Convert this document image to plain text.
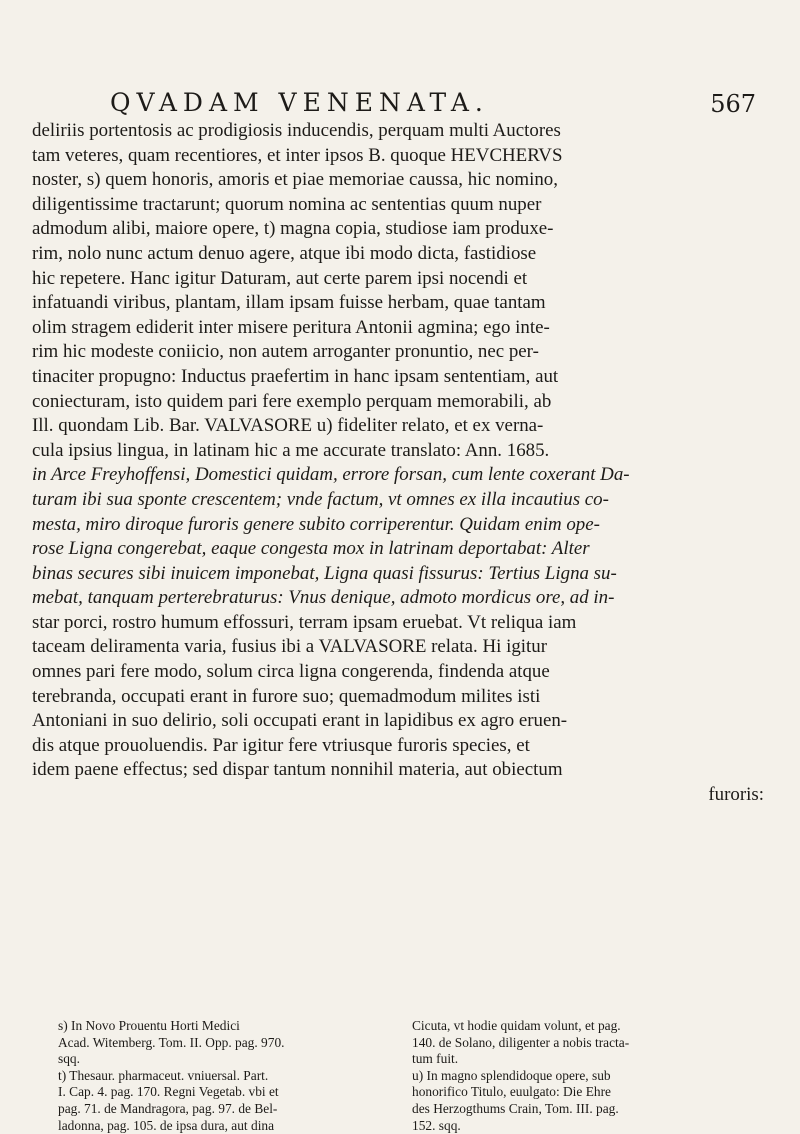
QVADAM VENENATA.	567
deliriis portentosis ac prodigiosis inducendis, perquam multi Auctores
tam veteres, quam recentiores, et inter ipsos B. quoque HEVCHERVS
noster, s) quem honoris, amoris et piae memoriae caussa, hic nomino,
diligentissime tractarunt; quorum nomina ac sententias quum nuper
admodum alibi, maiore opere, t) magna copia, studiose iam produxe-
rim, nolo nunc actum denuo agere, atque ibi modo dicta, fastidiose
hic repetere. Hanc igitur Daturam, aut certe parem ipsi nocendi et
infatuandi viribus, plantam, illam ipsam fuisse herbam, quae tantam
olim stragem ediderit inter misere peritura Antonii agmina; ego inte-
rim hic modeste coniicio, non autem arroganter pronuntio, nec per-
tinaciter propugno: Inductus praefertim in hanc ipsam sententiam, aut
coniecturam, isto quidem pari fere exemplo perquam memorabili, ab
Ill. quondam Lib. Bar. VALVASORE u) fideliter relato, et ex verna-
cula ipsius lingua, in latinam hic a me accurate translato: Ann. 1685.
in Arce Freyhoffensi, Domestici quidam, errore forsan, cum lente coxerant Da-
turam ibi sua sponte crescentem; vnde factum, vt omnes ex illa incautius co-
mesta, miro diroque furoris genere subito corriperentur. Quidam enim ope-
rose Ligna congerebat, eaque congesta mox in latrinam deportabat: Alter
binas secures sibi inuicem imponebat, Ligna quasi fissurus: Tertius Ligna su-
mebat, tanquam perterebraturus: Vnus denique, admoto mordicus ore, ad in-
star porci, rostro humum effossuri, terram ipsam eruebat. Vt reliqua iam
taceam deliramenta varia, fusius ibi a VALVASORE relata. Hi igitur
omnes pari fere modo, solum circa ligna congerenda, findenda atque
terebranda, occupati erant in furore suo; quemadmodum milites isti
Antoniani in suo delirio, soli occupati erant in lapidibus ex agro eruen-
dis atque prouoluendis. Par igitur fere vtriusque furoris species, et
idem paene effectus; sed dispar tantum nonnihil materia, aut obiectum
furoris:
s) In Novo Prouentu Horti Medici
Acad. Witemberg. Tom. II. Opp. pag. 970.
sqq.
t) Thesaur. pharmaceut. vniuersal. Part.
I. Cap. 4. pag. 170. Regni Vegetab. vbi et
pag. 71. de Mandragora, pag. 97. de Bel-
ladonna, pag. 105. de ipsa dura, aut dina
Cicuta, vt hodie quidam volunt, et pag.
140. de Solano, diligenter a nobis tracta-
tum fuit.
u) In magno splendidoque opere, sub
honorifico Titulo, euulgato: Die Ehre
des Herzogthums Crain, Tom. III. pag.
152. sqq.
